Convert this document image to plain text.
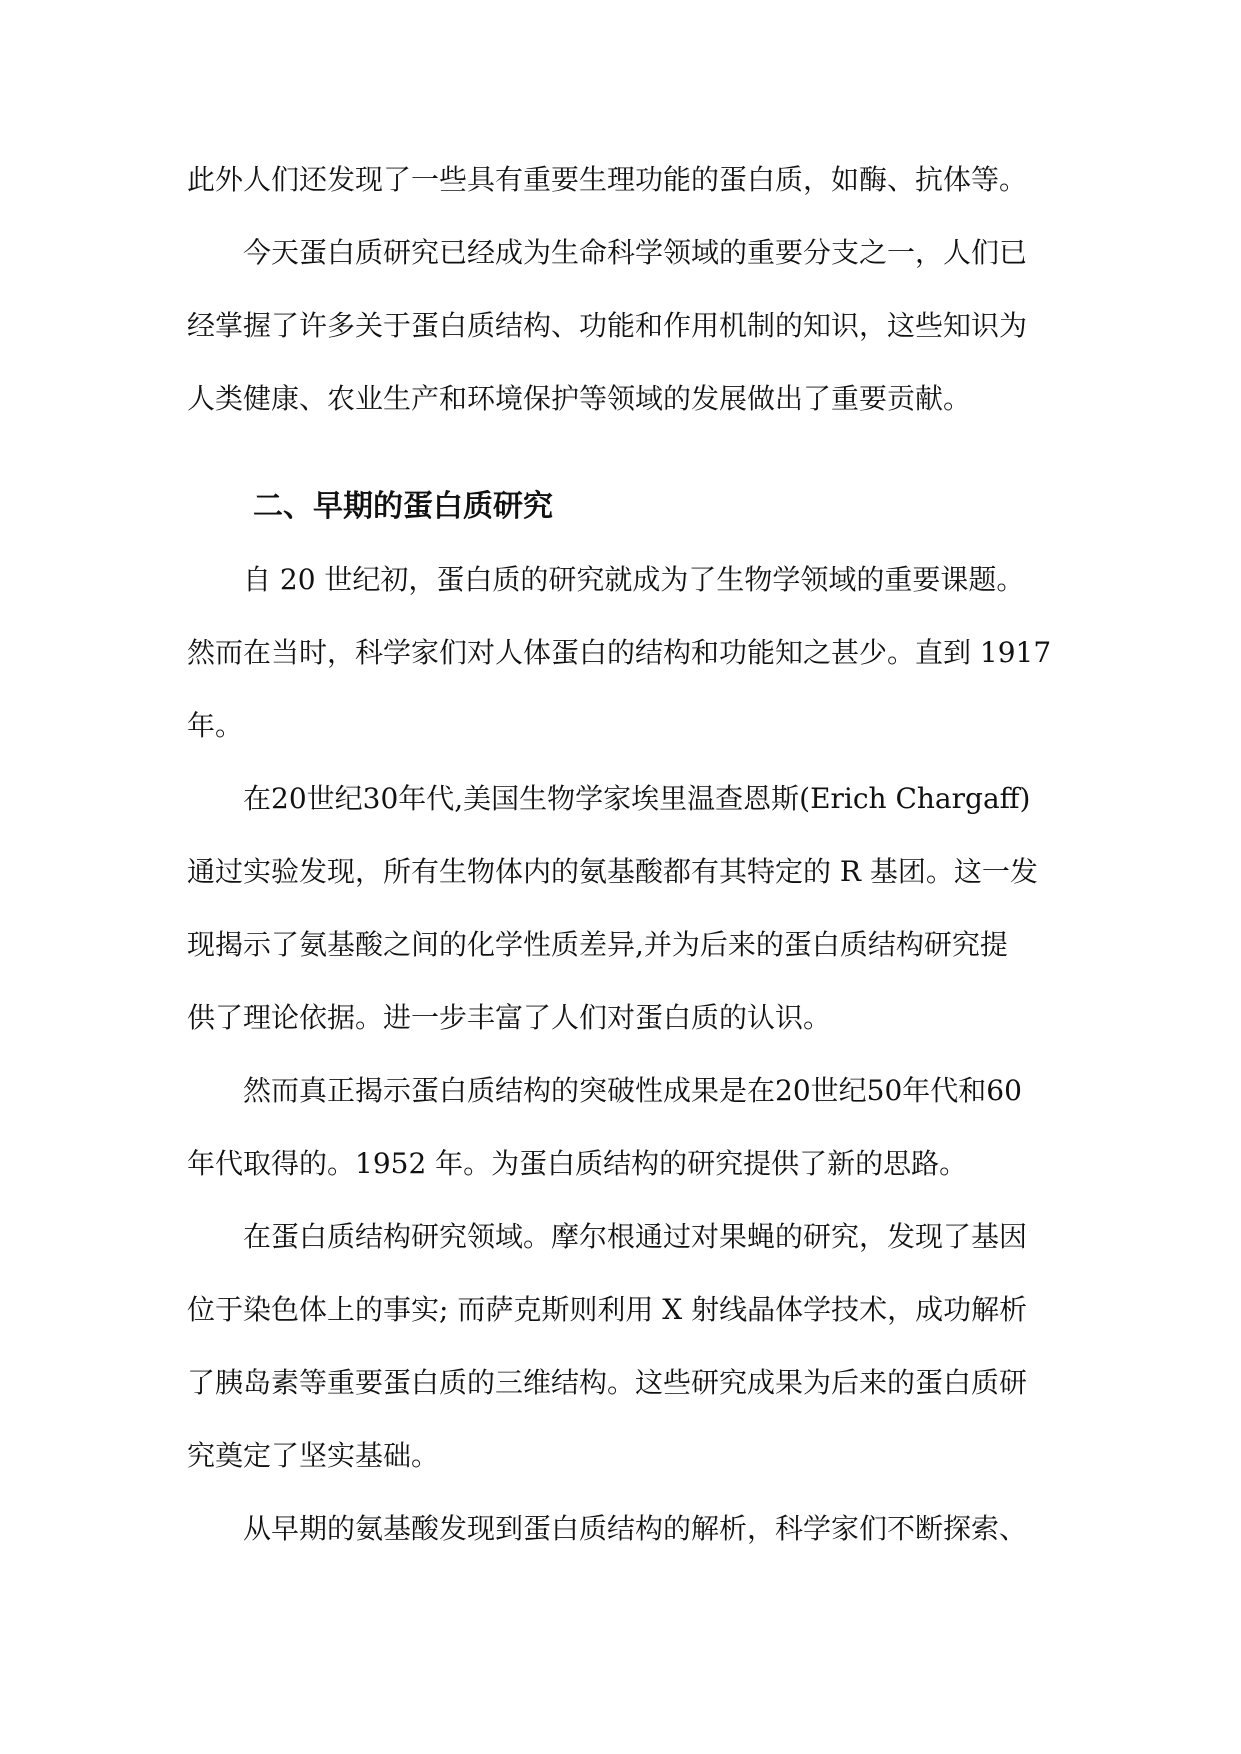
此外人们还发现了一些具有重要生理功能的蛋白质，如酶、抗体等。

今天蛋白质研究已经成为生命科学领域的重要分支之一，人们已
经掌握了许多关于蛋白质结构、功能和作用机制的知识，这些知识为
人类健康、农业生产和环境保护等领域的发展做出了重要贡献。

二、早期的蛋白质研究

自 20 世纪初，蛋白质的研究就成为了生物学领域的重要课题。
然而在当时，科学家们对人体蛋白的结构和功能知之甚少。直到 1917
年。

在20世纪30年代,美国生物学家埃里温查恩斯(Erich Chargaff)
通过实验发现，所有生物体内的氨基酸都有其特定的 R 基团。这一发
现揭示了氨基酸之间的化学性质差异,并为后来的蛋白质结构研究提
供了理论依据。进一步丰富了人们对蛋白质的认识。

然而真正揭示蛋白质结构的突破性成果是在20世纪50年代和60
年代取得的。1952 年。为蛋白质结构的研究提供了新的思路。

在蛋白质结构研究领域。摩尔根通过对果蝇的研究，发现了基因
位于染色体上的事实; 而萨克斯则利用 X 射线晶体学技术，成功解析
了胰岛素等重要蛋白质的三维结构。这些研究成果为后来的蛋白质研
究奠定了坚实基础。

从早期的氨基酸发现到蛋白质结构的解析，科学家们不断探索、
